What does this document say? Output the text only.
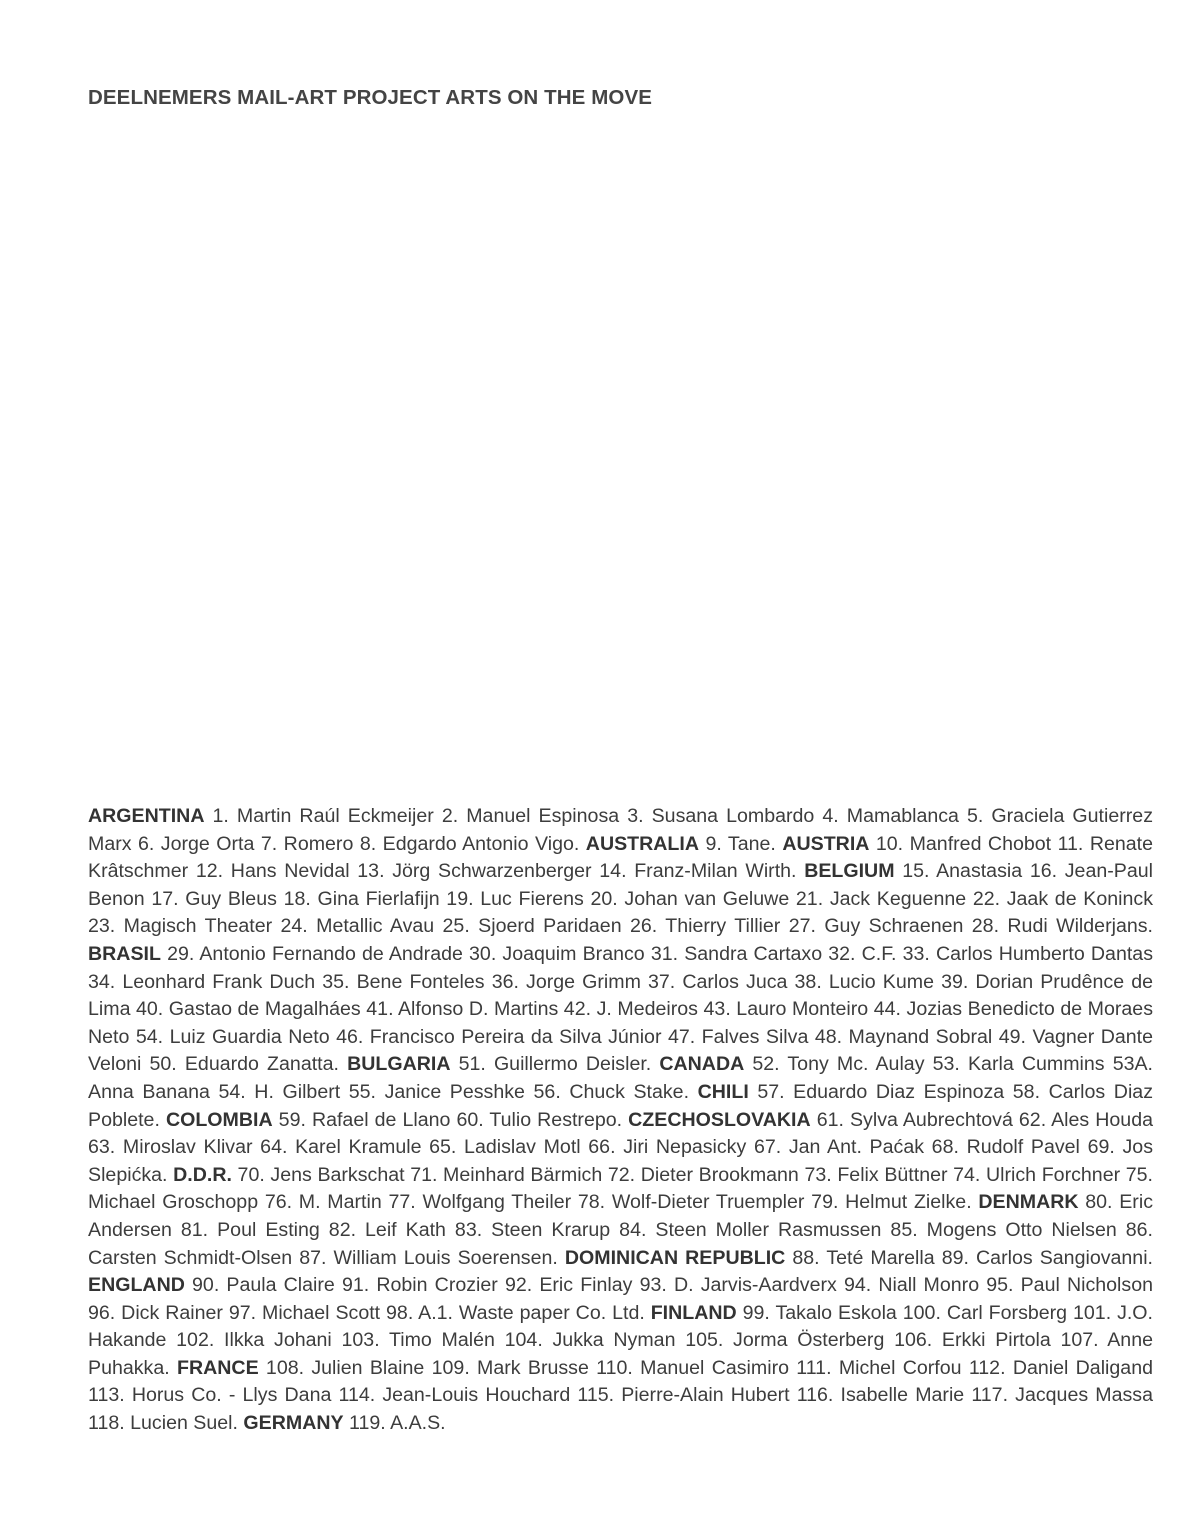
DEELNEMERS MAIL-ART PROJECT ARTS ON THE MOVE

ARGENTINA 1. Martin Raúl Eckmeijer 2. Manuel Espinosa 3. Susana Lombardo 4. Mamablanca 5. Graciela Gutierrez Marx 6. Jorge Orta 7. Romero 8. Edgardo Antonio Vigo. AUSTRALIA 9. Tane. AUSTRIA 10. Manfred Chobot 11. Renate Krâtschmer 12. Hans Nevidal 13. Jörg Schwarzenberger 14. Franz-Milan Wirth. BELGIUM 15. Anastasia 16. Jean-Paul Benon 17. Guy Bleus 18. Gina Fierlafijn 19. Luc Fierens 20. Johan van Geluwe 21. Jack Keguenne 22. Jaak de Koninck 23. Magisch Theater 24. Metallic Avau 25. Sjoerd Paridaen 26. Thierry Tillier 27. Guy Schraenen 28. Rudi Wilderjans. BRASIL 29. Antonio Fernando de Andrade 30. Joaquim Branco 31. Sandra Cartaxo 32. C.F. 33. Carlos Humberto Dantas 34. Leonhard Frank Duch 35. Bene Fonteles 36. Jorge Grimm 37. Carlos Juca 38. Lucio Kume 39. Dorian Prudênce de Lima 40. Gastao de Magalháes 41. Alfonso D. Martins 42. J. Medeiros 43. Lauro Monteiro 44. Jozias Benedicto de Moraes Neto 54. Luiz Guardia Neto 46. Francisco Pereira da Silva Júnior 47. Falves Silva 48. Maynand Sobral 49. Vagner Dante Veloni 50. Eduardo Zanatta. BULGARIA 51. Guillermo Deisler. CANADA 52. Tony Mc. Aulay 53. Karla Cummins 53A. Anna Banana 54. H. Gilbert 55. Janice Pesshke 56. Chuck Stake. CHILI 57. Eduardo Diaz Espinoza 58. Carlos Diaz Poblete. COLOMBIA 59. Rafael de Llano 60. Tulio Restrepo. CZECHOSLOVAKIA 61. Sylva Aubrechtová 62. Ales Houda 63. Miroslav Klivar 64. Karel Kramule 65. Ladislav Motl 66. Jiri Nepasicky 67. Jan Ant. Paćak 68. Rudolf Pavel 69. Jos Slepićka. D.D.R. 70. Jens Barkschat 71. Meinhard Bärmich 72. Dieter Brookmann 73. Felix Büttner 74. Ulrich Forchner 75. Michael Groschopp 76. M. Martin 77. Wolfgang Theiler 78. Wolf-Dieter Truempler 79. Helmut Zielke. DENMARK 80. Eric Andersen 81. Poul Esting 82. Leif Kath 83. Steen Krarup 84. Steen Moller Rasmussen 85. Mogens Otto Nielsen 86. Carsten Schmidt-Olsen 87. William Louis Soerensen. DOMINICAN REPUBLIC 88. Teté Marella 89. Carlos Sangiovanni. ENGLAND 90. Paula Claire 91. Robin Crozier 92. Eric Finlay 93. D. Jarvis-Aardverx 94. Niall Monro 95. Paul Nicholson 96. Dick Rainer 97. Michael Scott 98. A.1. Waste paper Co. Ltd. FINLAND 99. Takalo Eskola 100. Carl Forsberg 101. J.O. Hakande 102. Ilkka Johani 103. Timo Malén 104. Jukka Nyman 105. Jorma Österberg 106. Erkki Pirtola 107. Anne Puhakka. FRANCE 108. Julien Blaine 109. Mark Brusse 110. Manuel Casimiro 111. Michel Corfou 112. Daniel Daligand 113. Horus Co. - Llys Dana 114. Jean-Louis Houchard 115. Pierre-Alain Hubert 116. Isabelle Marie 117. Jacques Massa 118. Lucien Suel. GERMANY 119. A.A.S.
